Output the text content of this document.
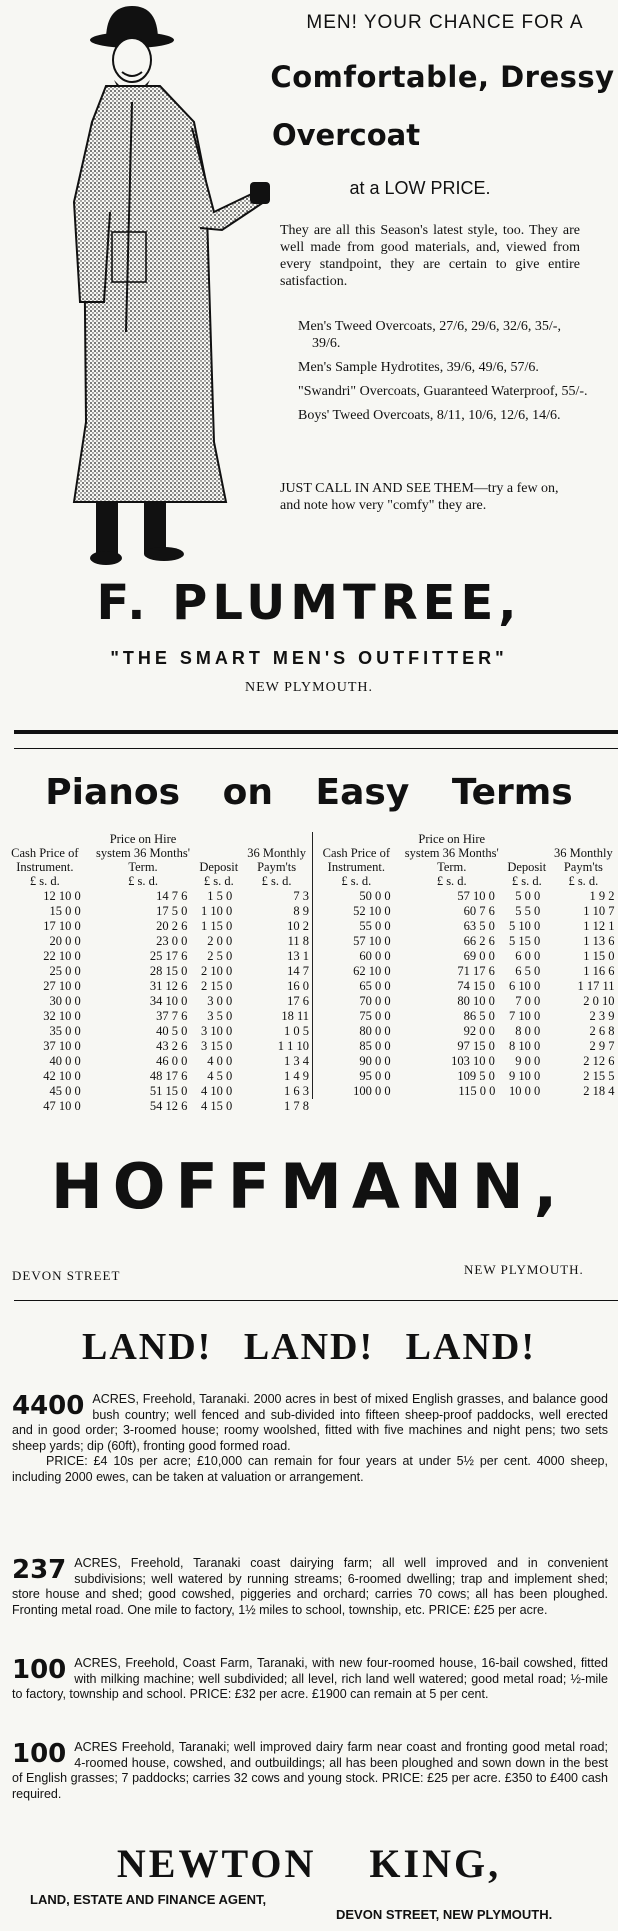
MEN! YOUR CHANCE FOR A
Comfortable, Dressy
Overcoat
at a LOW PRICE.
They are all this Season's latest style, too. They are well made from good materials, and, viewed from every standpoint, they are certain to give entire satisfaction.
Men's Tweed Overcoats, 27/6, 29/6, 32/6, 35/-, 39/6.
Men's Sample Hydrotites, 39/6, 49/6, 57/6.
"Swandri" Overcoats, Guaranteed Waterproof, 55/-.
Boys' Tweed Overcoats, 8/11, 10/6, 12/6, 14/6.
JUST CALL IN AND SEE THEM—try a few on, and note how very "comfy" they are.
F. PLUMTREE,
"THE SMART MEN'S OUTFITTER"
NEW PLYMOUTH.
Pianos on Easy Terms
Cash Price of Instrument.	Price on Hire system 36 Months' Term.	Deposit	36 Monthly Paym'ts
£ s. d.	£ s. d.	£ s. d.	£ s. d.
12 10 0	14 7 6	1 5 0	7 3
15 0 0	17 5 0	1 10 0	8 9
17 10 0	20 2 6	1 15 0	10 2
20 0 0	23 0 0	2 0 0	11 8
22 10 0	25 17 6	2 5 0	13 1
25 0 0	28 15 0	2 10 0	14 7
27 10 0	31 12 6	2 15 0	16 0
30 0 0	34 10 0	3 0 0	17 6
32 10 0	37 7 6	3 5 0	18 11
35 0 0	40 5 0	3 10 0	1 0 5
37 10 0	43 2 6	3 15 0	1 1 10
40 0 0	46 0 0	4 0 0	1 3 4
42 10 0	48 17 6	4 5 0	1 4 9
45 0 0	51 15 0	4 10 0	1 6 3
47 10 0	54 12 6	4 15 0	1 7 8
Cash Price of Instrument.	Price on Hire system 36 Months' Term.	Deposit	36 Monthly Paym'ts
£ s. d.	£ s. d.	£ s. d.	£ s. d.
50 0 0	57 10 0	5 0 0	1 9 2
52 10 0	60 7 6	5 5 0	1 10 7
55 0 0	63 5 0	5 10 0	1 12 1
57 10 0	66 2 6	5 15 0	1 13 6
60 0 0	69 0 0	6 0 0	1 15 0
62 10 0	71 17 6	6 5 0	1 16 6
65 0 0	74 15 0	6 10 0	1 17 11
70 0 0	80 10 0	7 0 0	2 0 10
75 0 0	86 5 0	7 10 0	2 3 9
80 0 0	92 0 0	8 0 0	2 6 8
85 0 0	97 15 0	8 10 0	2 9 7
90 0 0	103 10 0	9 0 0	2 12 6
95 0 0	109 5 0	9 10 0	2 15 5
100 0 0	115 0 0	10 0 0	2 18 4
HOFFMANN,
DEVON STREET	NEW PLYMOUTH.
LAND! LAND! LAND!
4400 ACRES, Freehold, Taranaki. 2000 acres in best of mixed English grasses, and balance good bush country; well fenced and sub-divided into fifteen sheep-proof paddocks, well erected and in good order; 3-roomed house; roomy woolshed, fitted with five machines and night pens; two sets sheep yards; dip (60ft), fronting good formed road.

PRICE: £4 10s per acre; £10,000 can remain for four years at under 5½ per cent. 4000 sheep, including 2000 ewes, can be taken at valuation or arrangement.

237 ACRES, Freehold, Taranaki coast dairying farm; all well improved and in convenient subdivisions; well watered by running streams; 6-roomed dwelling; trap and implement shed; store house and shed; good cowshed, piggeries and orchard; carries 70 cows; all has been ploughed. Fronting metal road. One mile to factory, 1½ miles to school, township, etc. PRICE: £25 per acre.

100 ACRES, Freehold, Coast Farm, Taranaki, with new four-roomed house, 16-bail cowshed, fitted with milking machine; well subdivided; all level, rich land well watered; good metal road; ½-mile to factory, township and school. PRICE: £32 per acre. £1900 can remain at 5 per cent.

100 ACRES Freehold, Taranaki; well improved dairy farm near coast and fronting good metal road; 4-roomed house, cowshed, and outbuildings; all has been ploughed and sown down in the best of English grasses; 7 paddocks; carries 32 cows and young stock. PRICE: £25 per acre. £350 to £400 cash required.

NEWTON KING,
LAND, ESTATE AND FINANCE AGENT,
DEVON STREET, NEW PLYMOUTH.
